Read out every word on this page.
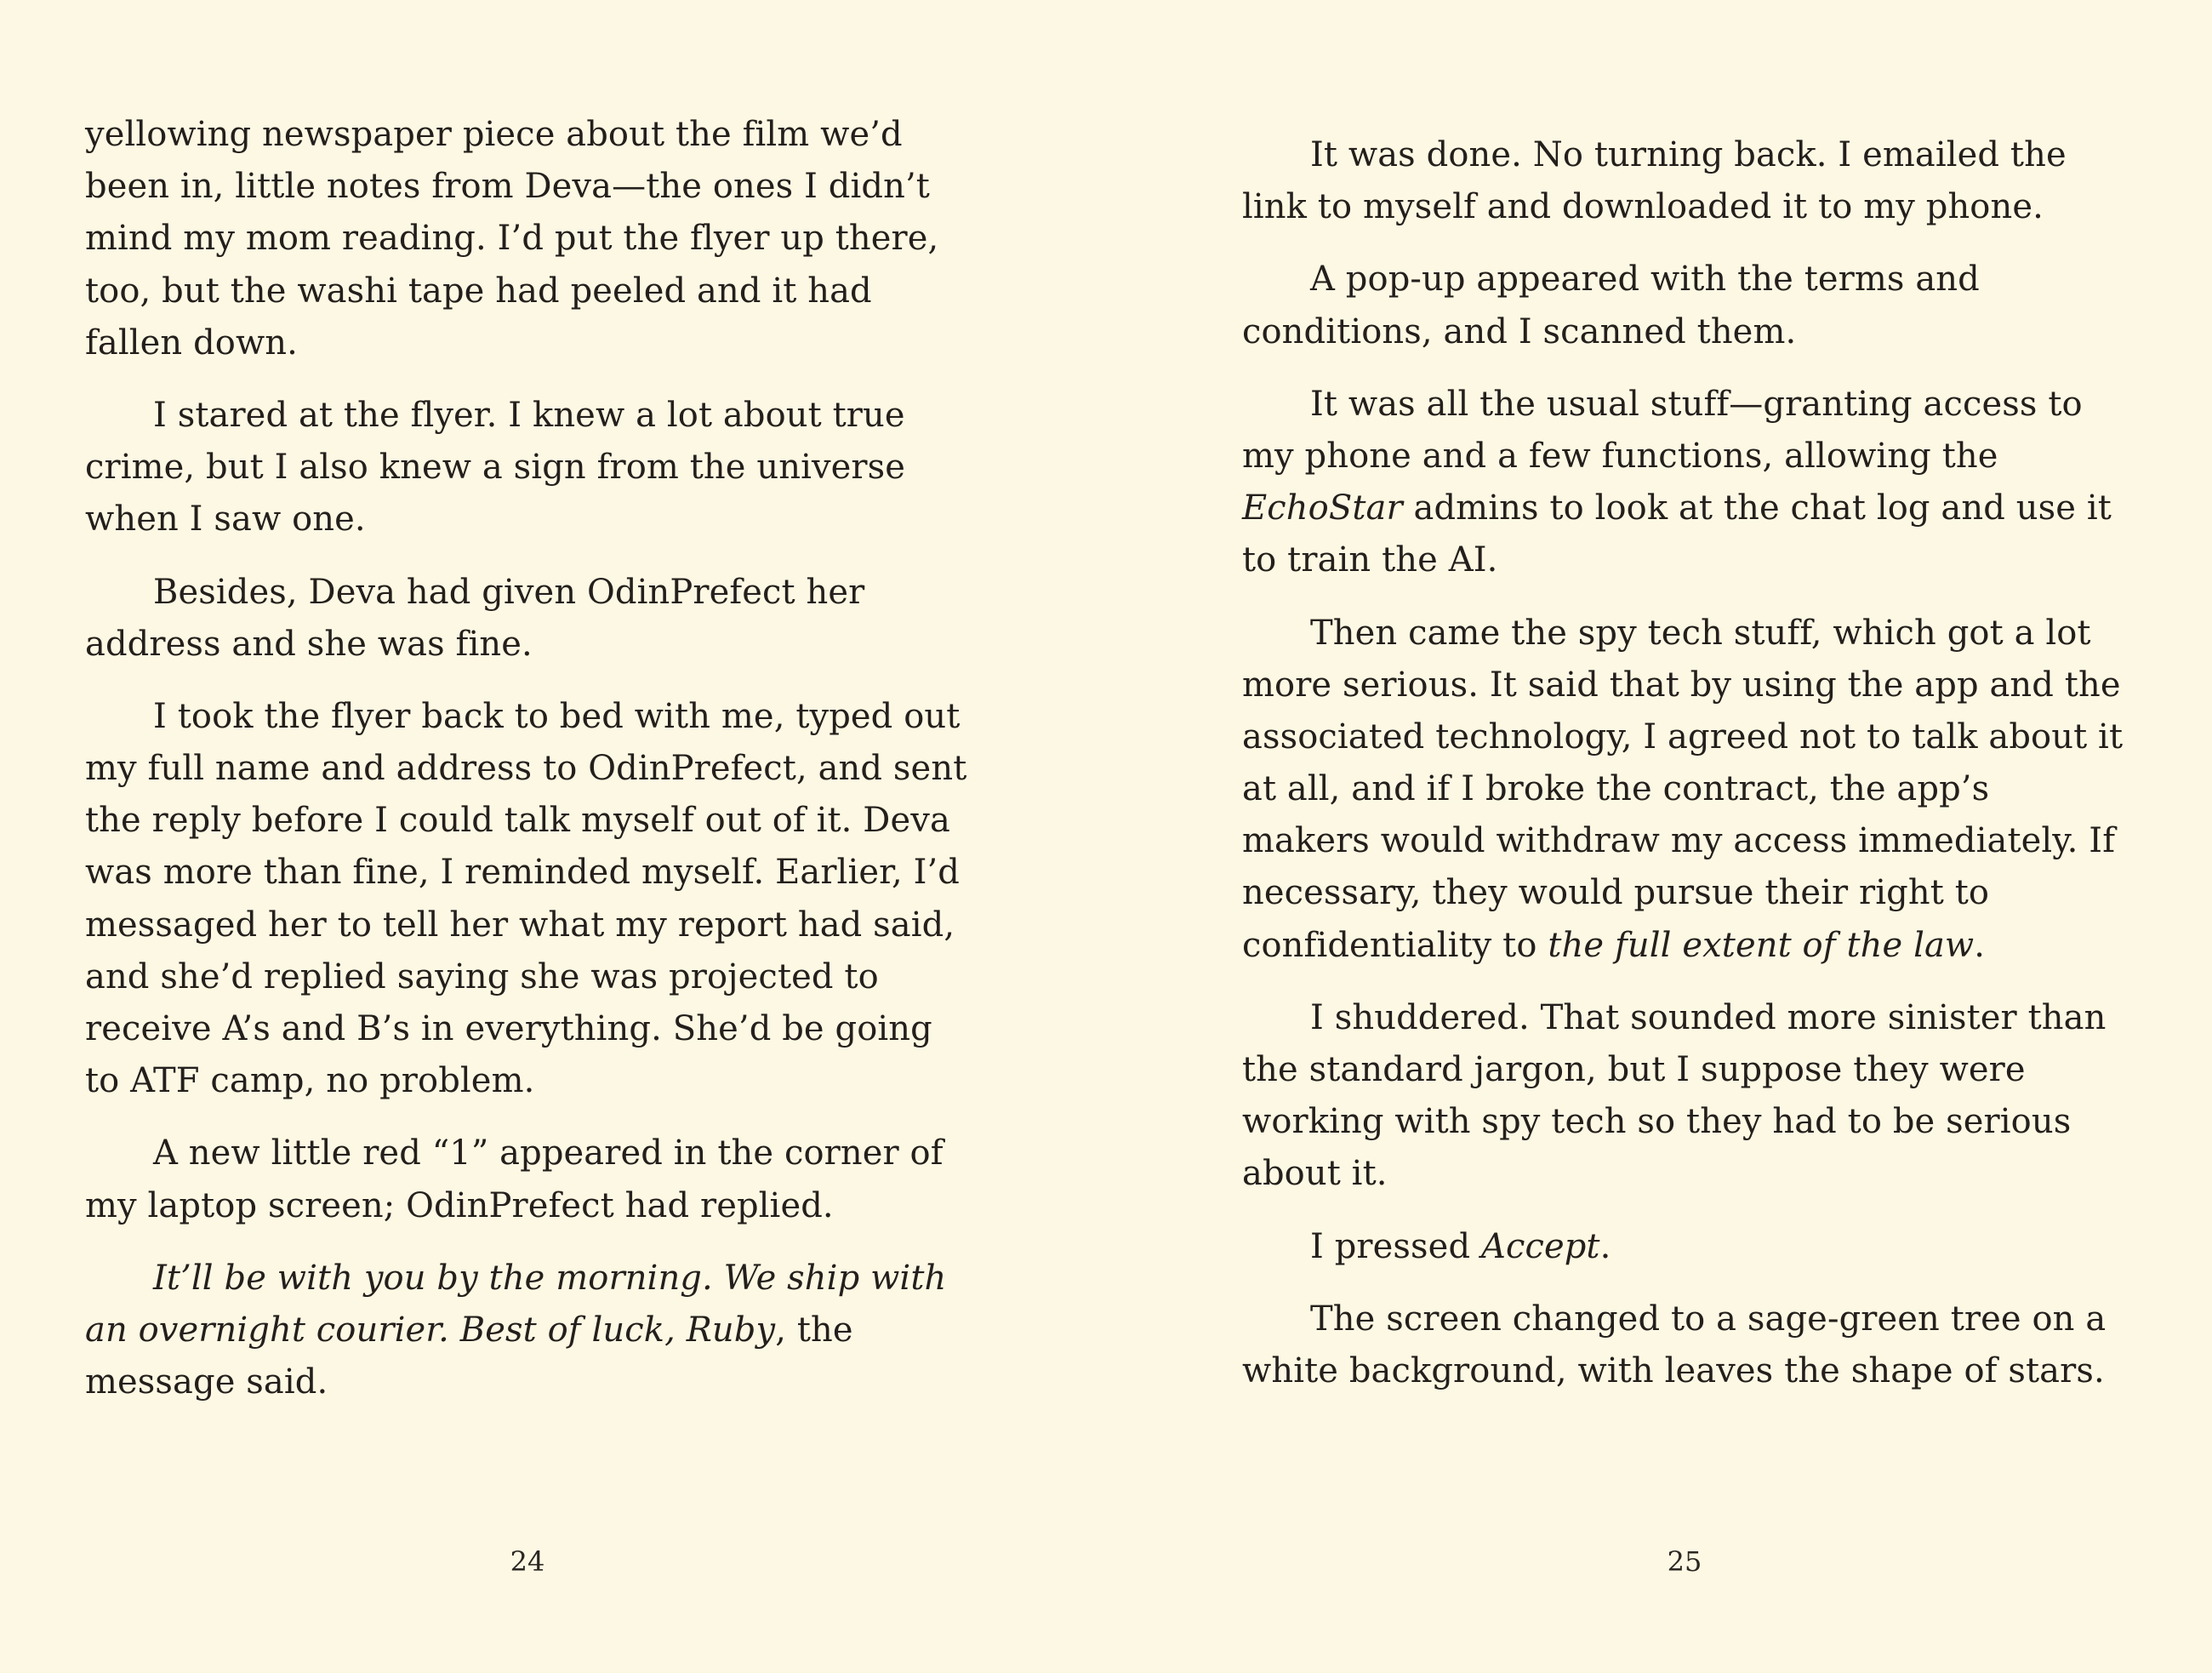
yellowing newspaper piece about the film we’d been in, little notes from Deva—the ones I didn’t mind my mom reading. I’d put the flyer up there, too, but the washi tape had peeled and it had fallen down.

I stared at the flyer. I knew a lot about true crime, but I also knew a sign from the universe when I saw one.

Besides, Deva had given OdinPrefect her address and she was fine.

I took the flyer back to bed with me, typed out my full name and address to OdinPrefect, and sent the reply before I could talk myself out of it. Deva was more than fine, I reminded myself. Earlier, I’d messaged her to tell her what my report had said, and she’d replied saying she was projected to receive A’s and B’s in everything. She’d be going to ATF camp, no problem.

A new little red “1” appeared in the corner of my laptop screen; OdinPrefect had replied.

It’ll be with you by the morning. We ship with an overnight courier. Best of luck, Ruby, the message said.

24

It was done. No turning back. I emailed the link to myself and downloaded it to my phone.

A pop-up appeared with the terms and conditions, and I scanned them.

It was all the usual stuff—granting access to my phone and a few functions, allowing the EchoStar admins to look at the chat log and use it to train the AI.

Then came the spy tech stuff, which got a lot more serious. It said that by using the app and the associated technology, I agreed not to talk about it at all, and if I broke the contract, the app’s makers would withdraw my access immediately. If necessary, they would pursue their right to confidentiality to the full extent of the law.

I shuddered. That sounded more sinister than the standard jargon, but I suppose they were working with spy tech so they had to be serious about it.

I pressed Accept.

The screen changed to a sage-green tree on a white background, with leaves the shape of stars.

25
